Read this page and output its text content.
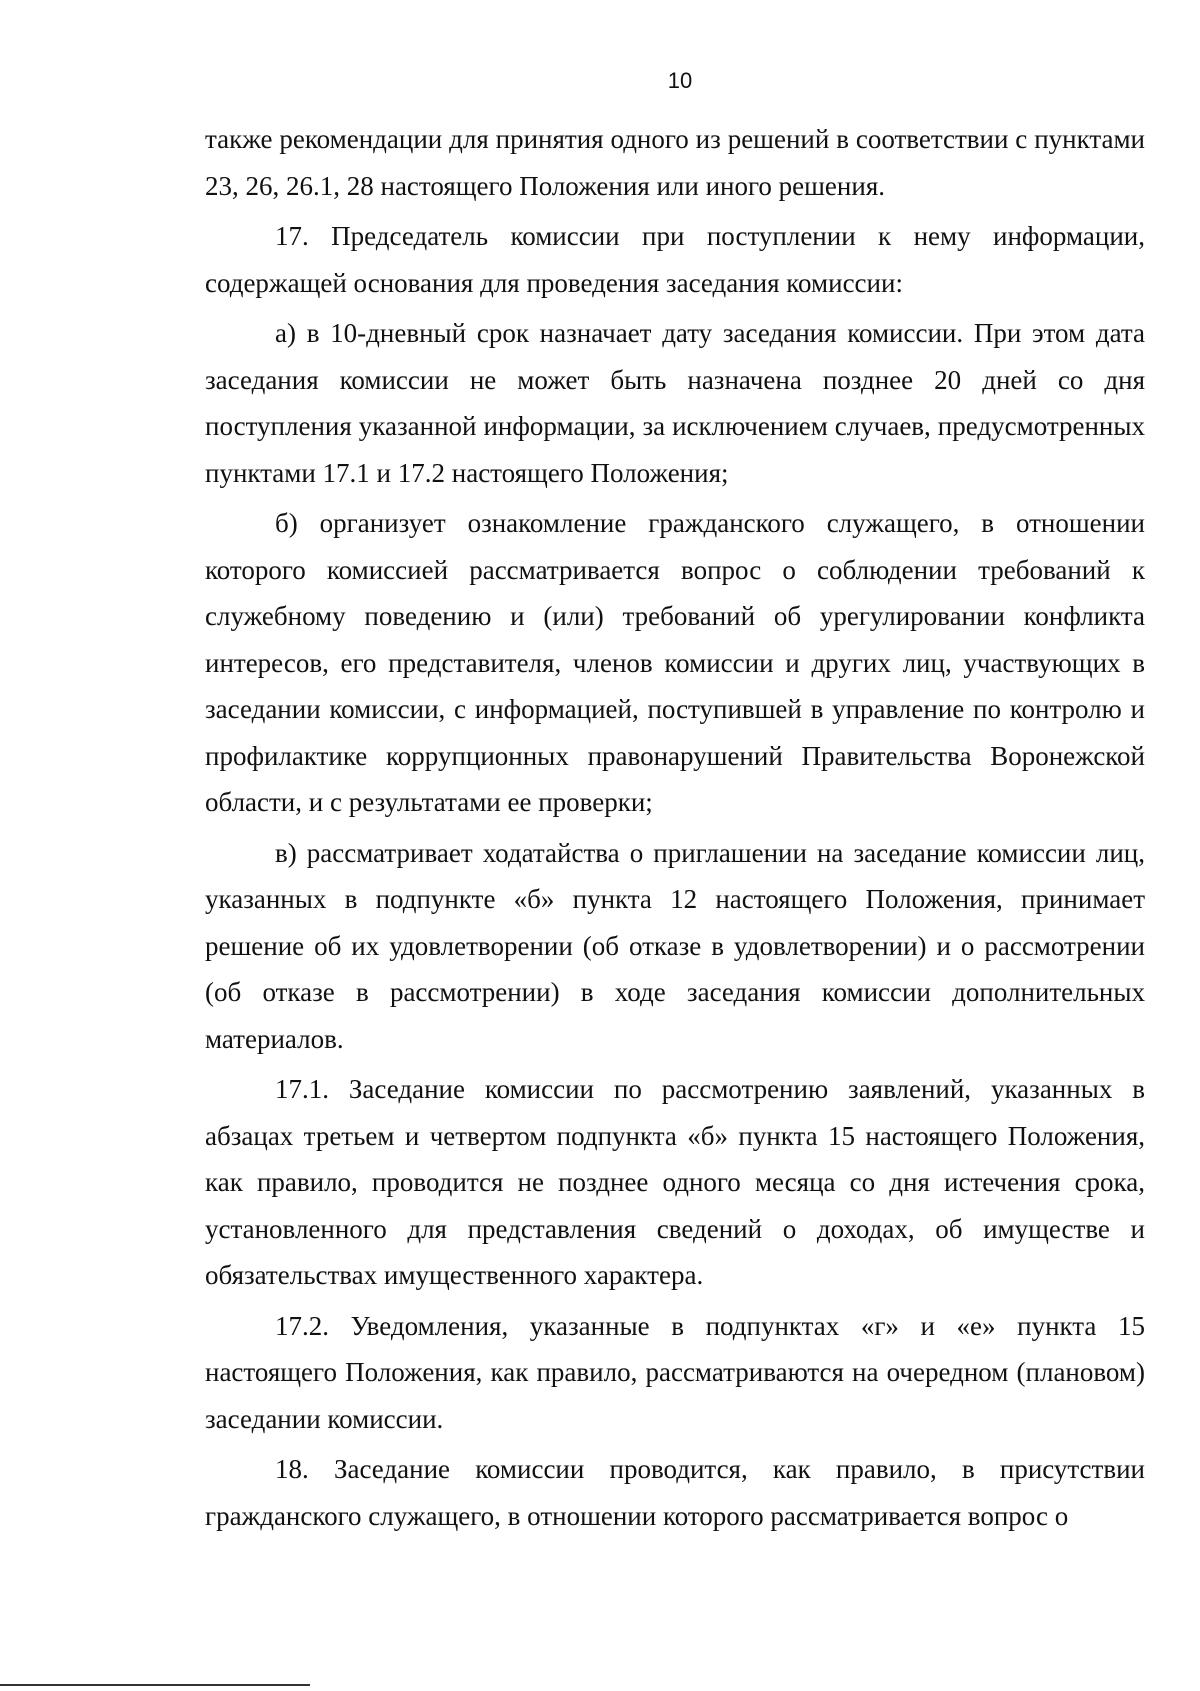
10

также рекомендации для принятия одного из решений в соответствии с пунктами 23, 26, 26.1, 28 настоящего Положения или иного решения.

17. Председатель комиссии при поступлении к нему информации, содержащей основания для проведения заседания комиссии:

а) в 10-дневный срок назначает дату заседания комиссии. При этом дата заседания комиссии не может быть назначена позднее 20 дней со дня поступления указанной информации, за исключением случаев, предусмотренных пунктами 17.1 и 17.2 настоящего Положения;

б) организует ознакомление гражданского служащего, в отношении которого комиссией рассматривается вопрос о соблюдении требований к служебному поведению и (или) требований об урегулировании конфликта интересов, его представителя, членов комиссии и других лиц, участвующих в заседании комиссии, с информацией, поступившей в управление по контролю и профилактике коррупционных правонарушений Правительства Воронежской области, и с результатами ее проверки;

в) рассматривает ходатайства о приглашении на заседание комиссии лиц, указанных в подпункте «б» пункта 12 настоящего Положения, принимает решение об их удовлетворении (об отказе в удовлетворении) и о рассмотрении (об отказе в рассмотрении) в ходе заседания комиссии дополнительных материалов.

17.1. Заседание комиссии по рассмотрению заявлений, указанных в абзацах третьем и четвертом подпункта «б» пункта 15 настоящего Положения, как правило, проводится не позднее одного месяца со дня истечения срока, установленного для представления сведений о доходах, об имуществе и обязательствах имущественного характера.

17.2. Уведомления, указанные в подпунктах «г» и «е» пункта 15 настоящего Положения, как правило, рассматриваются на очередном (плановом) заседании комиссии.

18. Заседание комиссии проводится, как правило, в присутствии гражданского служащего, в отношении которого рассматривается вопрос о
